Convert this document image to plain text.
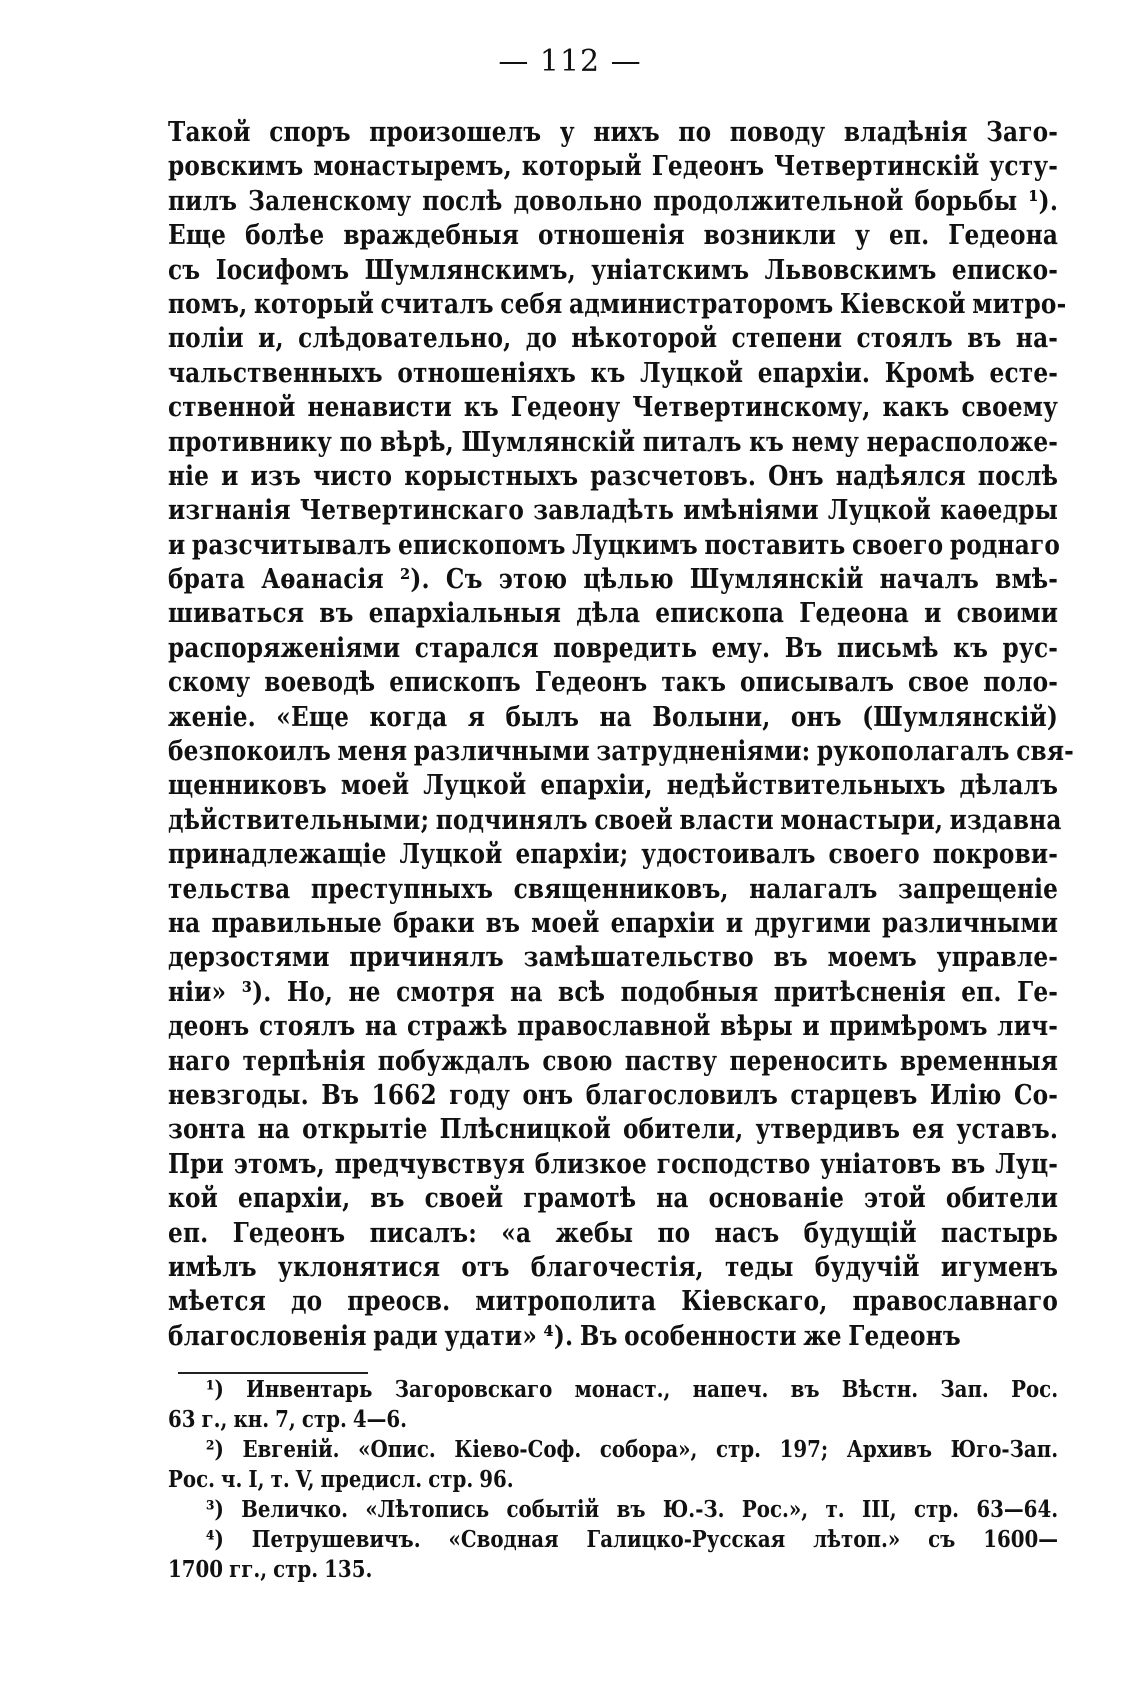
— 112 —
Такой споръ произошелъ у нихъ по поводу владѣнія Заго-
ровскимъ монастыремъ, который Гедеонъ Четвертинскій усту-
пилъ Заленскому послѣ довольно продолжительной борьбы ¹).
Еще болѣе враждебныя отношенія возникли у еп. Гедеона
съ Іосифомъ Шумлянскимъ, уніатскимъ Львовскимъ еписко-
помъ, который считалъ себя администраторомъ Кіевской митро-
поліи и, слѣдовательно, до нѣкоторой степени стоялъ въ на-
чальственныхъ отношеніяхъ къ Луцкой епархіи. Кромѣ есте-
ственной ненависти къ Гедеону Четвертинскому, какъ своему
противнику по вѣрѣ, Шумлянскій питалъ къ нему нерасположе-
ніе и изъ чисто корыстныхъ разсчетовъ. Онъ надѣялся послѣ
изгнанія Четвертинскаго завладѣть имѣніями Луцкой каѳедры
и разсчитывалъ епископомъ Луцкимъ поставить своего роднаго
брата Аѳанасія ²). Съ этою цѣлью Шумлянскій началъ вмѣ-
шиваться въ епархіальныя дѣла епископа Гедеона и своими
распоряженіями старался повредить ему. Въ письмѣ къ рус-
скому воеводѣ епископъ Гедеонъ такъ описывалъ свое поло-
женіе. «Еще когда я былъ на Волыни, онъ (Шумлянскій)
безпокоилъ меня различными затрудненіями: рукополагалъ свя-
щенниковъ моей Луцкой епархіи, недѣйствительныхъ дѣлалъ
дѣйствительными; подчинялъ своей власти монастыри, издавна
принадлежащіе Луцкой епархіи; удостоивалъ своего покрови-
тельства преступныхъ священниковъ, налагалъ запрещеніе
на правильные браки въ моей епархіи и другими различными
дерзостями причинялъ замѣшательство въ моемъ управле-
ніи» ³). Но, не смотря на всѣ подобныя притѣсненія еп. Ге-
деонъ стоялъ на стражѣ православной вѣры и примѣромъ лич-
наго терпѣнія побуждалъ свою паству переносить временныя
невзгоды. Въ 1662 году онъ благословилъ старцевъ Илію Со-
зонта на открытіе Плѣсницкой обители, утвердивъ ея уставъ.
При этомъ, предчувствуя близкое господство уніатовъ въ Луц-
кой епархіи, въ своей грамотѣ на основаніе этой обители
еп. Гедеонъ писалъ: «а жебы по насъ будущій пастырь
имѣлъ уклонятися отъ благочестія, теды будучій игуменъ
мѣется до преосв. митрополита Кіевскаго, православнаго
благословенія ради удати» ⁴). Въ особенности же Гедеонъ
¹) Инвентарь Загоровскаго монаст., напеч. въ Вѣстн. Зап. Рос.
63 г., кн. 7, стр. 4—6.
²) Евгеній. «Опис. Кіево-Соф. собора», стр. 197; Архивъ Юго-Зап.
Рос. ч. I, т. V, предисл. стр. 96.
³) Величко. «Лѣтопись событій въ Ю.-З. Рос.», т. III, стр. 63—64.
⁴) Петрушевичъ. «Сводная Галицко-Русская лѣтоп.» съ 1600—
1700 гг., стр. 135.
